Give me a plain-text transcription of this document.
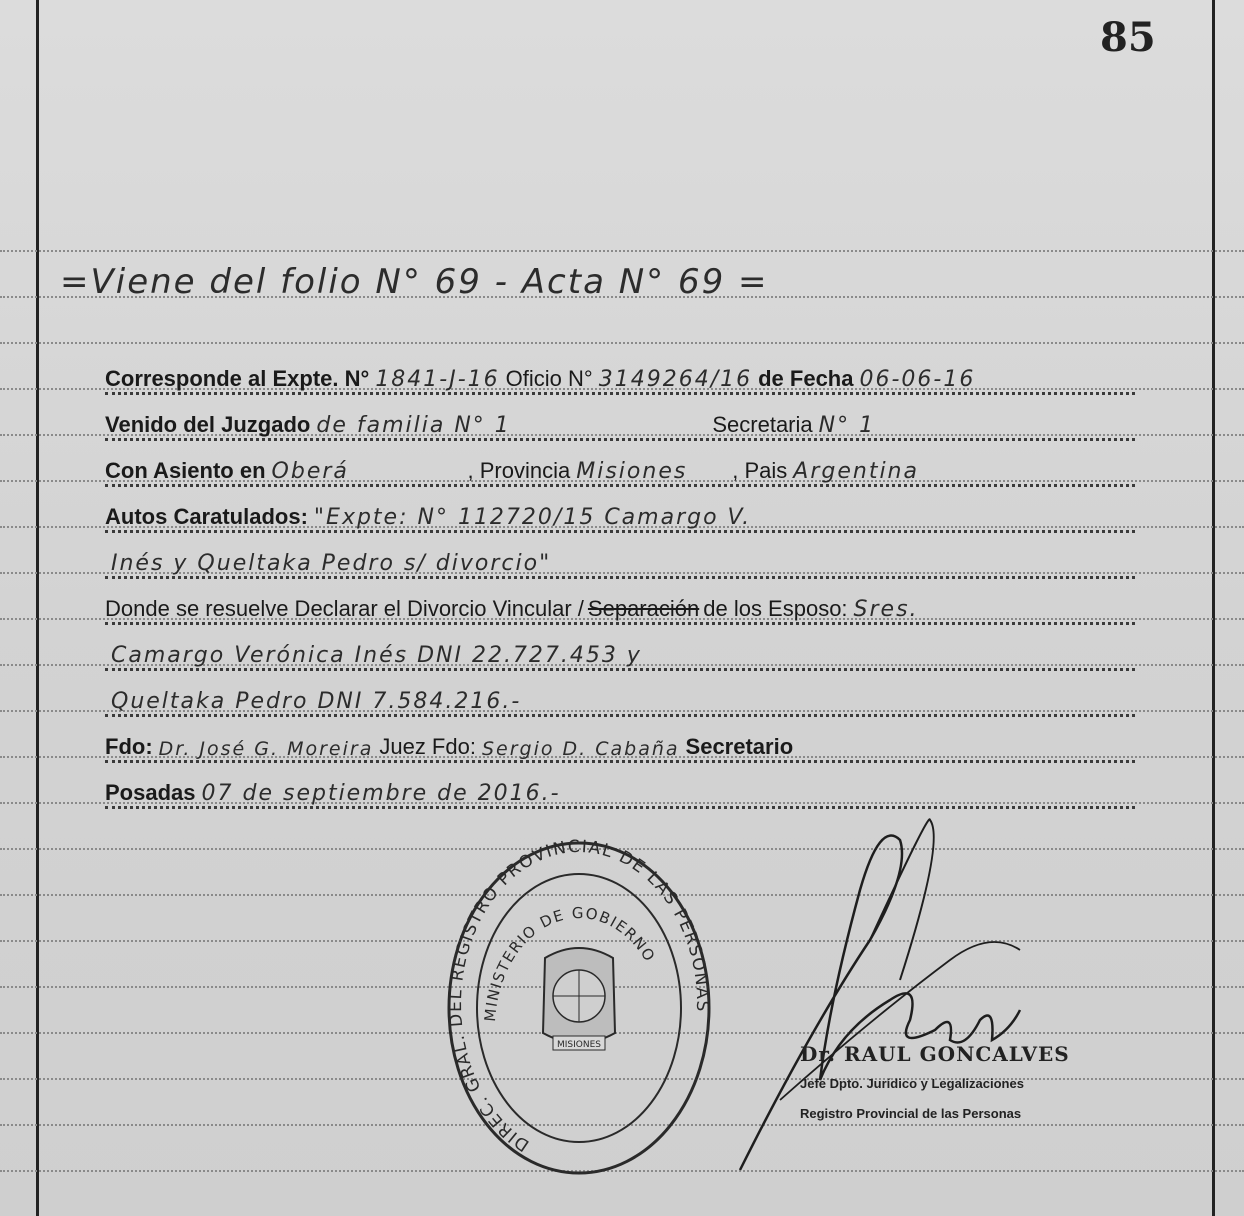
85
=Viene del folio N° 69 - Acta N° 69 =
Corresponde al Expte. N° 1841-J-16 Oficio N° 3149264/16 de Fecha 06-06-16
Venido del Juzgado de familia N° 1	Secretaria N° 1
Con Asiento en Oberá	, Provincia Misiones	, Pais Argentina
Autos Caratulados: "Expte: N° 112720/15 Camargo V.
Inés y Queltaka Pedro s/ divorcio"
Donde se resuelve Declarar el Divorcio Vincular / Separación de los Esposo: Sres.
Camargo Verónica Inés DNI 22.727.453 y
Queltaka Pedro DNI 7.584.216.-
Fdo: Dr. José G. Moreira Juez Fdo: Sergio D. Cabaña Secretario
Posadas 07 de septiembre de 2016.-
DIREC. GRAL. DEL REGISTRO PROVINCIAL DE LAS PERSONAS
MINISTERIO DE GOBIERNO
MISIONES	Dr. RAUL GONCALVES
Jefe Dpto. Jurídico y Legalizaciones
Registro Provincial de las Personas
